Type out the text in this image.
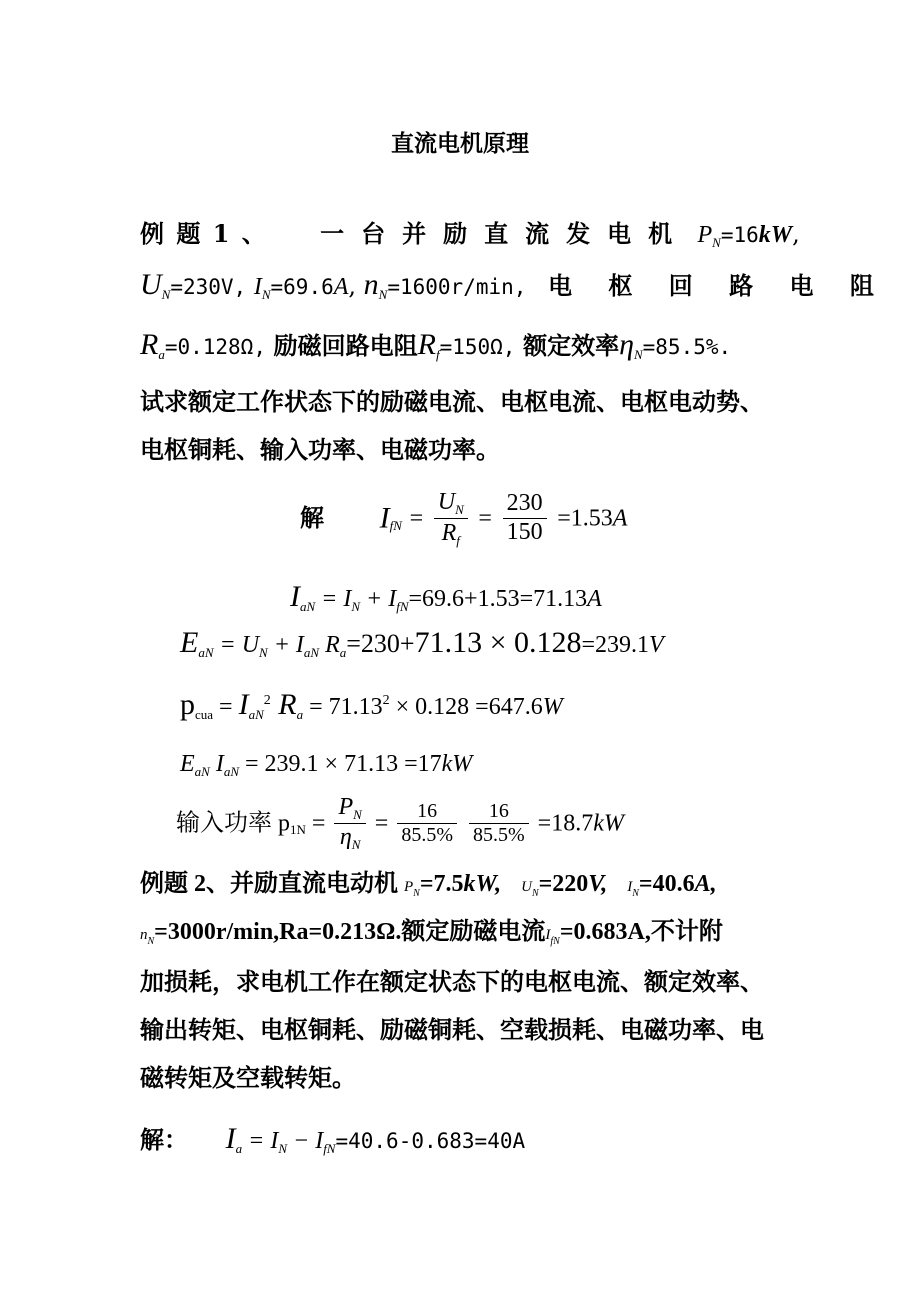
直流电机原理
例 题 1 、 一台并励直流发电机 $P_N=16kW$,
$U_N=230V$, $I_N=69.6A$, $n_N=1600r/\min$, 电 枢 回 路 电 阻
$R_a=0.128\Omega$, 励磁回路电阻$R_f=150\Omega$, 额定效率$\eta_N=85.5\%$.
试求额定工作状态下的励磁电流、电枢电流、电枢电动势、
电枢铜耗、输入功率、电磁功率。
解 $I_{fN} = \frac{U_N}{R_f} = \frac{230}{150} =1.53A$
$I_{aN} = I_N + I_{fN}=69.6+1.53=71.13A$
$E_{aN} = U_N + I_{aN}$ $R_a=230+71.13 \times 0.128=239.1V$
$p_{cua} = I_{aN}^2$ $R_a = 71.13^2 \times 0.128 =647.6W$
$E_{aN}$ $I_{aN} = 239.1 \times 71.13 =17kW$
输入功率 $p_{1N} = \frac{P_N}{\eta_N} = \frac{16}{85.5\%}$
$\frac{16}{85.5\%} =18.7kW$
例题 2、并励直流电动机 $P_N=7.5kW$, $U_N=220V$, $I_N=40.6A$,
$n_N=3000r/\min,Ra=0.213\Omega$.额定励磁电流$I_{fN}=0.683A$,不计附
加损耗，求电机工作在额定状态下的电枢电流、额定效率、
输出转矩、电枢铜耗、励磁铜耗、空载损耗、电磁功率、电
磁转矩及空载转矩。
解： $I_a = I_N - I_{fN}=40.6-0.683=40A$
